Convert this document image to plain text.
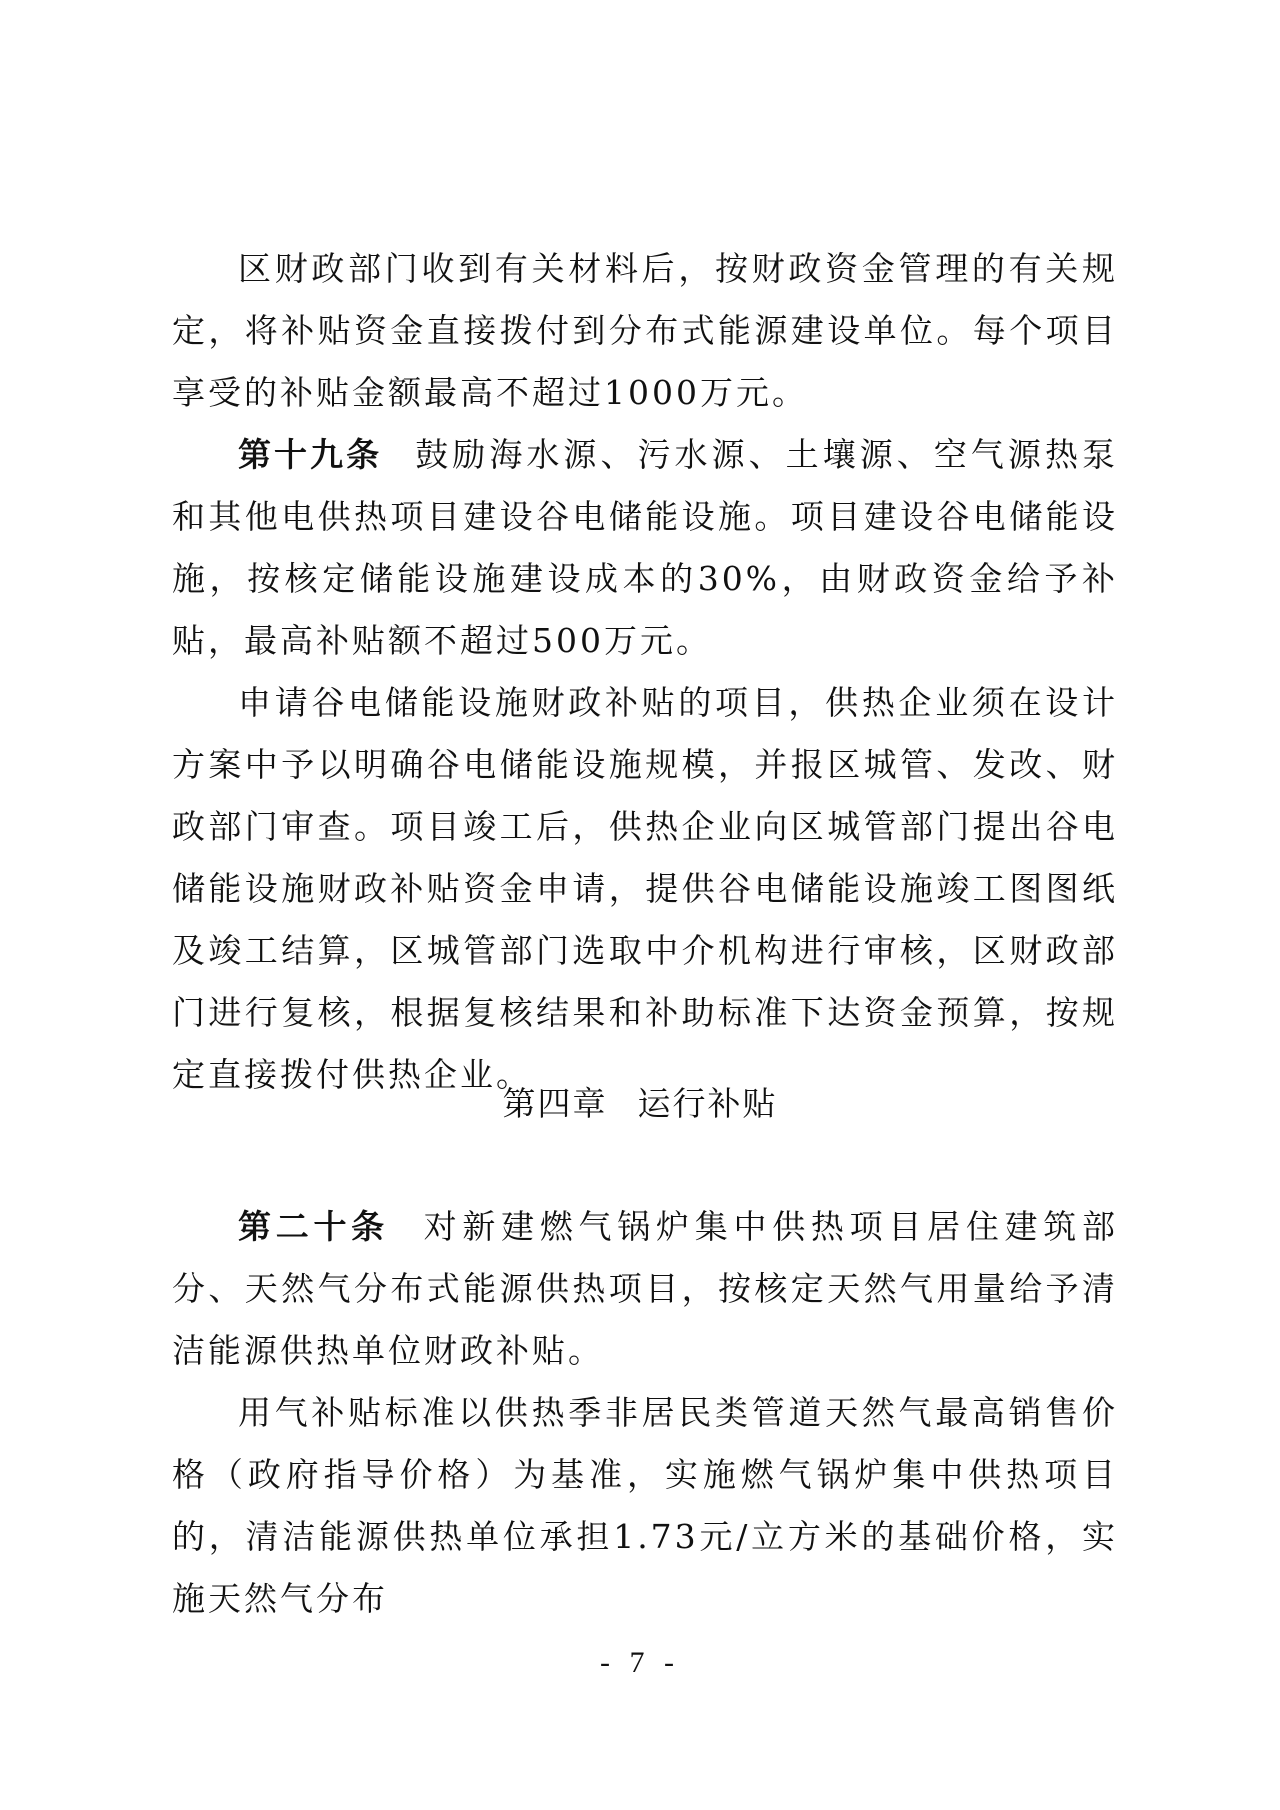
区财政部门收到有关材料后，按财政资金管理的有关规定，将补贴资金直接拨付到分布式能源建设单位。每个项目享受的补贴金额最高不超过1000万元。

第十九条 鼓励海水源、污水源、土壤源、空气源热泵和其他电供热项目建设谷电储能设施。项目建设谷电储能设施，按核定储能设施建设成本的30%，由财政资金给予补贴，最高补贴额不超过500万元。

申请谷电储能设施财政补贴的项目，供热企业须在设计方案中予以明确谷电储能设施规模，并报区城管、发改、财政部门审查。项目竣工后，供热企业向区城管部门提出谷电储能设施财政补贴资金申请，提供谷电储能设施竣工图图纸及竣工结算，区城管部门选取中介机构进行审核，区财政部门进行复核，根据复核结果和补助标准下达资金预算，按规定直接拨付供热企业。

第四章 运行补贴

第二十条 对新建燃气锅炉集中供热项目居住建筑部分、天然气分布式能源供热项目，按核定天然气用量给予清洁能源供热单位财政补贴。

用气补贴标准以供热季非居民类管道天然气最高销售价格（政府指导价格）为基准，实施燃气锅炉集中供热项目的，清洁能源供热单位承担1.73元/立方米的基础价格，实施天然气分布

- 7 -
